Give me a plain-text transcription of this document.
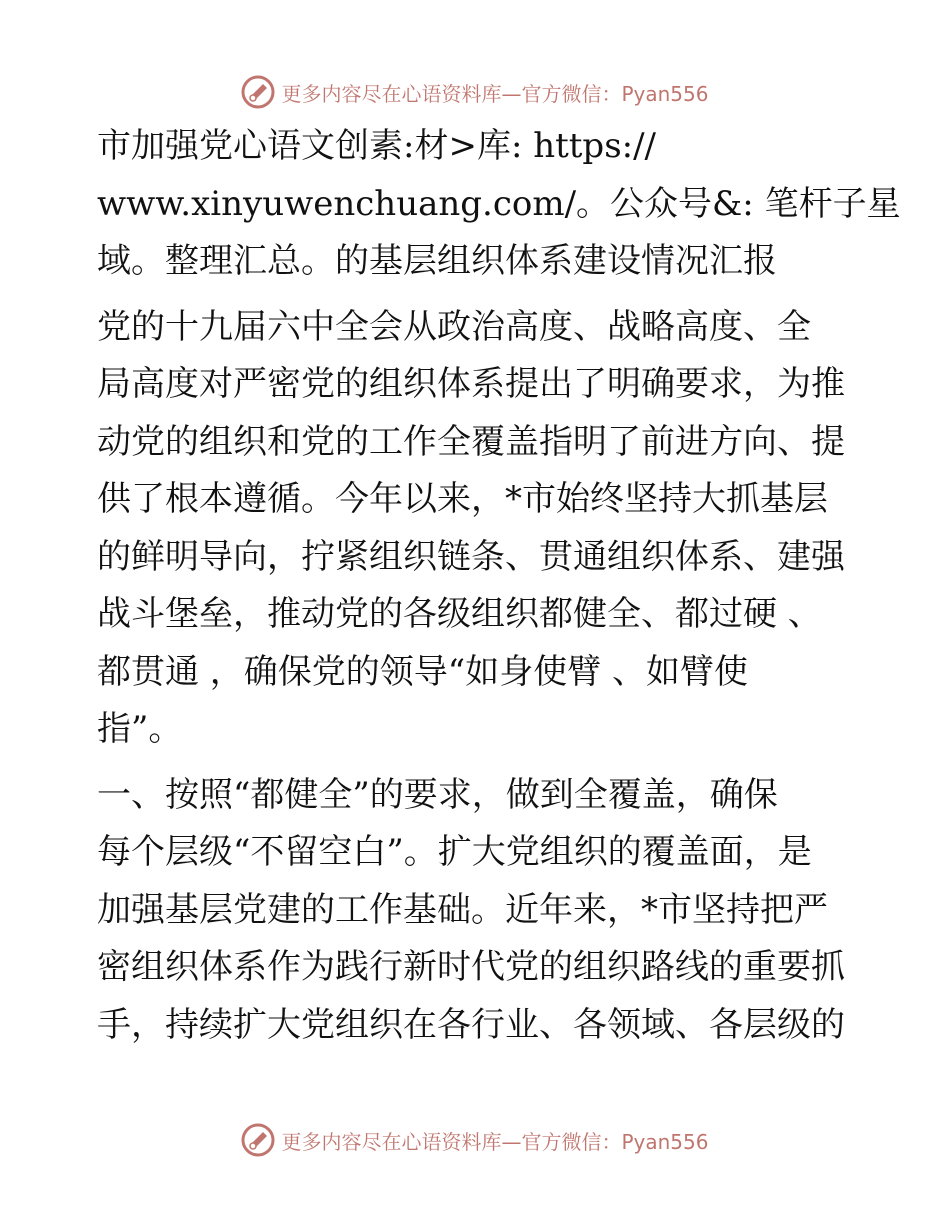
更多内容尽在心语资料库—官方微信：Pyan556
市加强党心语文创素:材>库: https://
www.xinyuwenchuang.com/。公众号&: 笔杆子星
域。整理汇总。的基层组织体系建设情况汇报
党的十九届六中全会从政治高度、战略高度、全
局高度对严密党的组织体系提出了明确要求，为推
动党的组织和党的工作全覆盖指明了前进方向、提
供了根本遵循。今年以来，*市始终坚持大抓基层
的鲜明导向，拧紧组织链条、贯通组织体系、建强
战斗堡垒，推动党的各级组织都健全、都过硬 、
都贯通 ，确保党的领导“如身使臂 、如臂使
指”。
一、按照“都健全”的要求，做到全覆盖，确保
每个层级“不留空白”。扩大党组织的覆盖面，是
加强基层党建的工作基础。近年来，*市坚持把严
密组织体系作为践行新时代党的组织路线的重要抓
手，持续扩大党组织在各行业、各领域、各层级的
更多内容尽在心语资料库—官方微信：Pyan556
